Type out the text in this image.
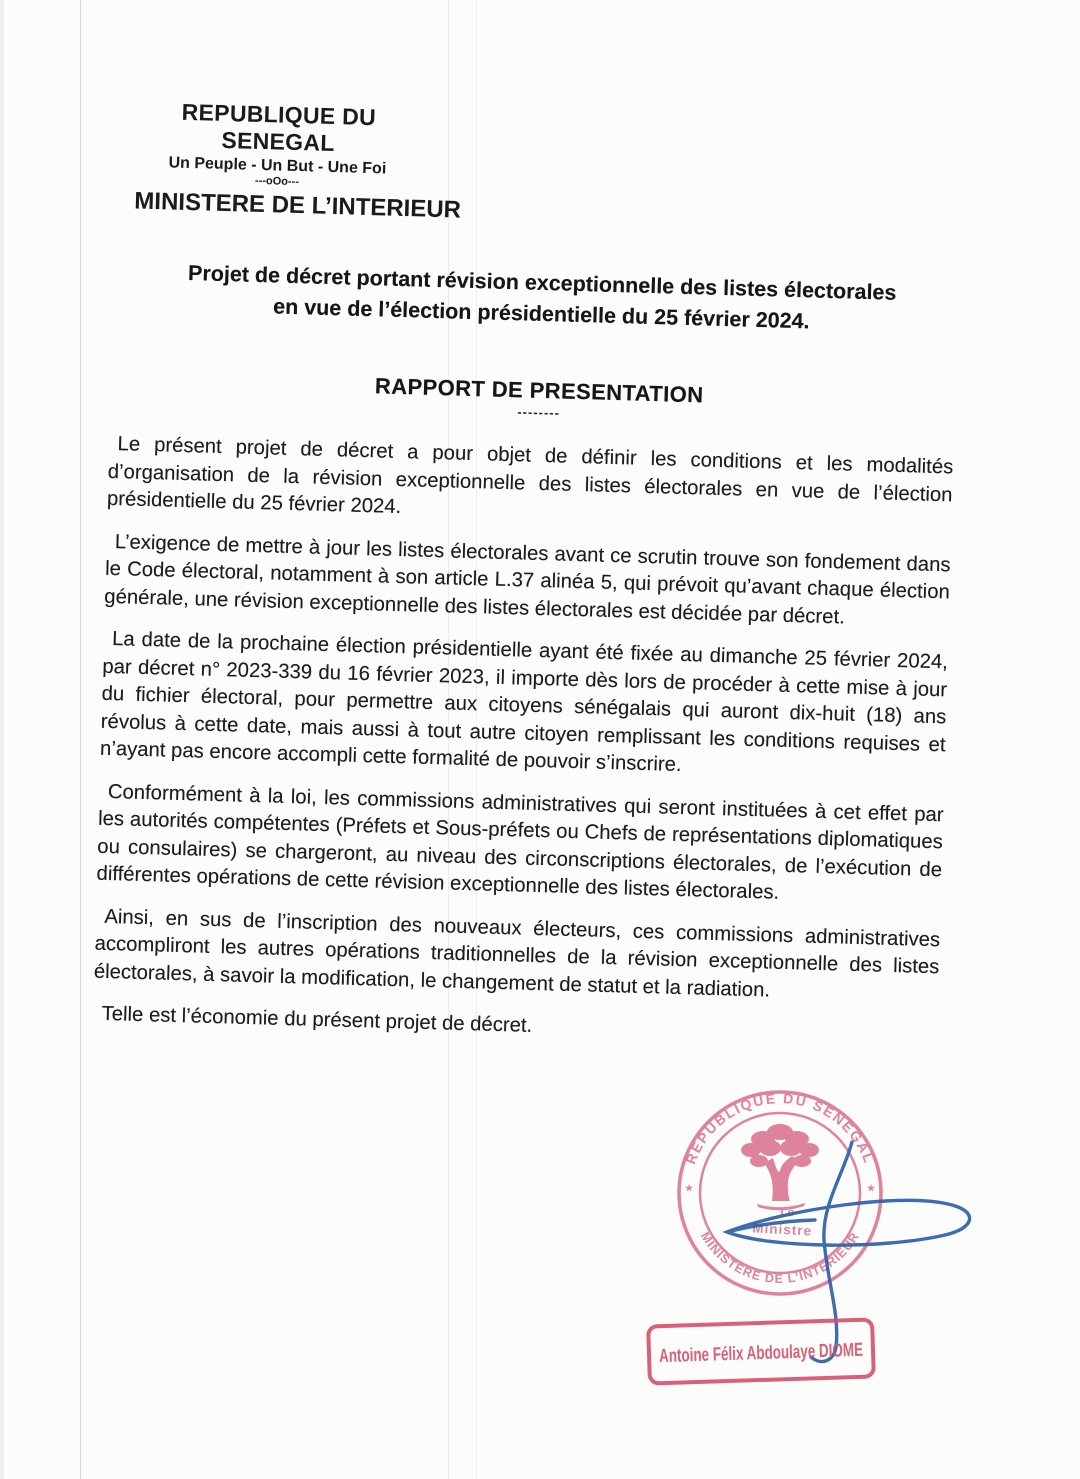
REPUBLIQUE DU SENEGAL
Un Peuple - Un But - Une Foi
---oOo---
MINISTERE DE L’INTERIEUR
Projet de décret portant révision exceptionnelle des listes électorales
en vue de l’élection présidentielle du 25 février 2024.
RAPPORT DE PRESENTATION
--------

Le présent projet de décret a pour objet de définir les conditions et les modalités d’organisation de la révision exceptionnelle des listes électorales en vue de l’élection présidentielle du 25 février 2024.

L’exigence de mettre à jour les listes électorales avant ce scrutin trouve son fondement dans le Code électoral, notamment à son article L.37 alinéa 5, qui prévoit qu’avant chaque élection générale, une révision exceptionnelle des listes électorales est décidée par décret.

La date de la prochaine élection présidentielle ayant été fixée au dimanche 25 février 2024, par décret n° 2023-339 du 16 février 2023, il importe dès lors de procéder à cette mise à jour du fichier électoral, pour permettre aux citoyens sénégalais qui auront dix-huit (18) ans révolus à cette date, mais aussi à tout autre citoyen remplissant les conditions requises et n’ayant pas encore accompli cette formalité de pouvoir s’inscrire.

Conformément à la loi, les commissions administratives qui seront instituées à cet effet par les autorités compétentes (Préfets et Sous-préfets ou Chefs de représentations diplomatiques ou consulaires) se chargeront, au niveau des circonscriptions électorales, de l’exécution de différentes opérations de cette révision exceptionnelle des listes électorales.

Ainsi, en sus de l’inscription des nouveaux électeurs, ces commissions administratives accompliront les autres opérations traditionnelles de la révision exceptionnelle des listes électorales, à savoir la modification, le changement de statut et la radiation.

Telle est l’économie du présent projet de décret.

REPUBLIQUE DU SENEGAL
MINISTERE DE L’INTERIEUR
★	★
Le
Ministre
Antoine Félix Abdoulaye DIOME
